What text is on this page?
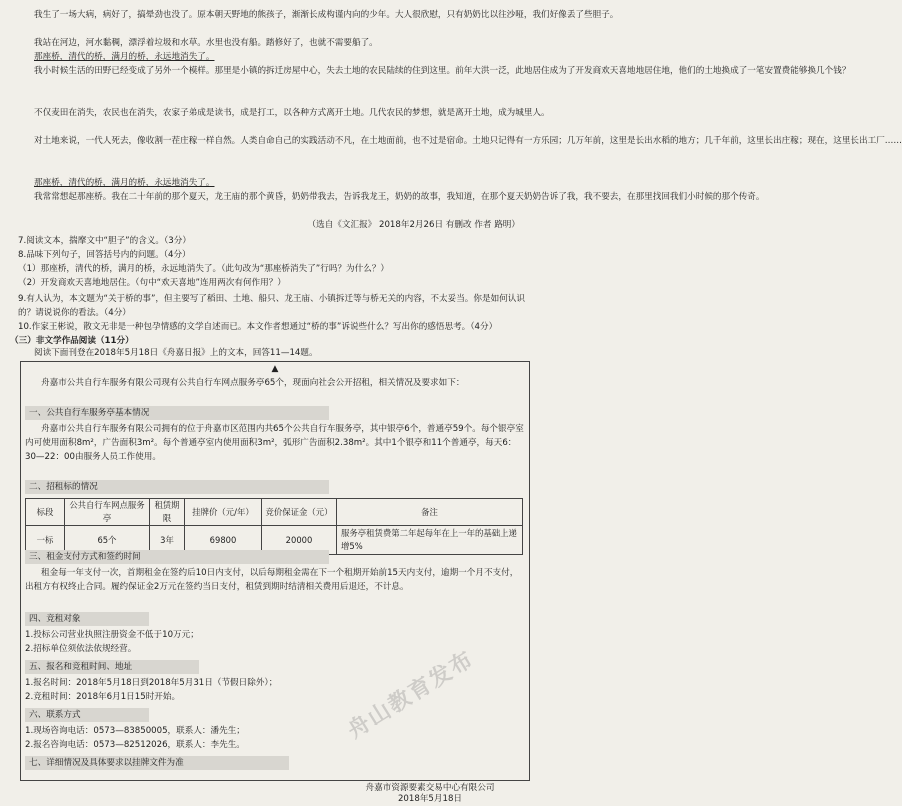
我生了一场大病，病好了，搞晕劲也没了。原本朝天野地的熊孩子，渐渐长成构谨内向的少年。大人很欣慰，只有奶奶比以往沙哑，我们好像丢了些胆子。
我站在河边，河水黏稠，漂浮着垃圾和水草。水里也没有船。踏修好了，也就不需要船了。
那座桥，清代的桥，满月的桥，永远地消失了。
我小时候生活的田野已经变成了另外一个模样。那里是小镇的拆迁房屋中心，失去土地的农民陆续的住到这里。前年大洪一泛，此地居住成为了开发商欢天喜地地居住地，他们的土地换成了一笔安置费能够换几个钱？
不仅麦田在消失，农民也在消失，农家子弟成是读书，成是打工，以各种方式离开土地。几代农民的梦想，就是离开土地，成为城里人。
对土地来说，一代人死去，像收割一茬庄稼一样自然。人类自命自己的实践活动不凡，在土地面前，也不过是宿命。土地只记得有一方乐园；几万年前，这里是长出水稻的地方；几千年前，这里长出庄稼；现在，这里长出工厂……
那座桥，清代的桥，满月的桥，永远地消失了。
我常常想起那座桥。我在二十年前的那个夏天，龙王庙的那个黄昏，奶奶带我去，告诉我龙王，奶奶的故事，我知道，在那个夏天奶奶告诉了我，我不要去，在那里找回我们小时候的那个传奇。
（选自《文汇报》 2018年2月26日 有删改 作者 路明）
7.阅读文本，揣摩文中“胆子”的含义。（3分）
8.品味下列句子，回答括号内的问题。（4分）
（1）那座桥，清代的桥，满月的桥，永远地消失了。（此句改为“那座桥消失了”行吗？为什么？）
（2）开发商欢天喜地地居住。（句中“欢天喜地”连用两次有何作用？）
9.有人认为，本文题为“关于桥的事”，但主要写了稻田、土地、船只、龙王庙、小镇拆迁等与桥无关的内容，不太妥当。你是如何认识的？请说说你的看法。（4分）
10.作家王彬说，散文无非是一种包孕情感的文学自述而已。本文作者想通过“桥的事”诉说些什么？写出你的感悟思考。（4分）
（三）非文学作品阅读（11分）
阅读下面刊登在2018年5月18日《舟嘉日报》上的文本，回答11—14题。
▲
舟嘉市公共自行车服务有限公司现有公共自行车网点服务亭65个，现面向社会公开招租，相关情况及要求如下：
一、公共自行车服务亭基本情况
舟嘉市公共自行车服务有限公司拥有的位于舟嘉市区范围内共65个公共自行车服务亭，其中银亭6个，普通亭59个。每个银亭室内可使用面积8m²，广告面积3m²。每个普通亭室内使用面积3m²，弧形广告面积2.38m²。其中1个银亭和11个普通亭，每天6：30—22：00由服务人员工作使用。
二、招租标的情况
标段	公共自行车网点服务亭	租赁期限	挂牌价（元/年）	竞价保证金（元）	备注
一标	65个	3年	69800	20000	服务亭租赁费第二年起每年在上一年的基础上递增5%
三、租金支付方式和签约时间
租金每一年支付一次，首期租金在签约后10日内支付，以后每期租金需在下一个租期开始前15天内支付，逾期一个月不支付，出租方有权终止合同。履约保证金2万元在签约当日支付，租赁到期时结清相关费用后退还，不计息。
四、竞租对象
1.投标公司营业执照注册资金不低于10万元；
2.招标单位须依法依规经营。
五、报名和竞租时间、地址
1.报名时间：2018年5月18日到2018年5月31日（节假日除外）；
2.竞租时间：2018年6月1日15时开始。
六、联系方式
1.现场咨询电话：0573—83850005，联系人：潘先生；
2.报名咨询电话：0573—82512026，联系人：李先生。
七、详细情况及具体要求以挂牌文件为准
舟嘉市资源要素交易中心有限公司
2018年5月18日
舟山教育发布
